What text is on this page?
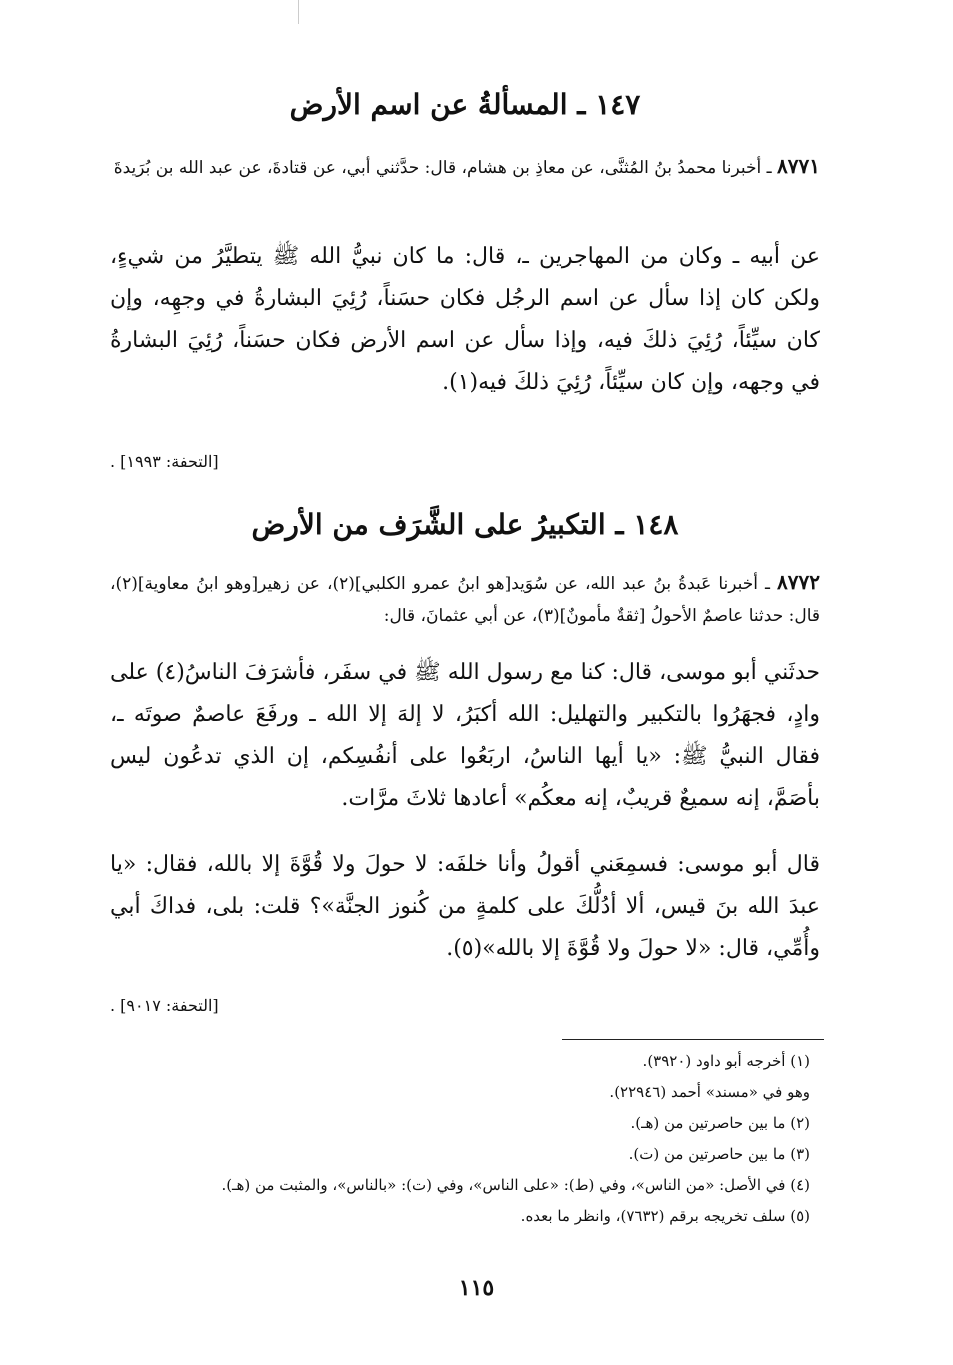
١٤٧ ـ المسألةُ عن اسم الأرض
٨٧٧١ ـ أخبرنا محمدُ بنُ المُثنَّى، عن معاذِ بن هشام، قال: حدَّثني أبي، عن قتادةَ، عن عبد الله بن بُرَيدةَ
عن أبيه ـ وكان من المهاجرين ـ، قال: ما كان نبيُّ الله ﷺ يتطيَّرُ من شيءٍ، ولكن كان إذا سأل عن اسم الرجُل فكان حسَناً، رُئِيَ البشارةُ في وجهِه، وإن كان سيِّئاً، رُئِيَ ذلكَ فيه، وإذا سأل عن اسم الأرض فكان حسَناً، رُئِيَ البشارةُ في وجهه، وإن كان سيِّئاً، رُئِيَ ذلكَ فيه(١).
[التحفة: ١٩٩٣] .
١٤٨ ـ التكبيرُ على الشَّرَف من الأرض
٨٧٧٢ ـ أخبرنا عَبدةُ بنُ عبد الله، عن سُوَيد[هو ابنُ عمرو الكلبي](٢)، عن زهير[وهو ابنُ معاوية](٢)، قال: حدثنا عاصمٌ الأحولُ [ثقةٌ مأمونٌ](٣)، عن أبي عثمانَ، قال:
حدثَني أبو موسى، قال: كنا مع رسول الله ﷺ في سفَر، فأشرَفَ الناسُ(٤) على وادٍ، فجهَرُوا بالتكبير والتهليل: الله أكبَرُ، لا إلهَ إلا الله ـ ورفَعَ عاصمٌ صوتَه ـ، فقال النبيُّ ﷺ: «يا أيها الناسُ، اربَعُوا على أنفُسِكم، إن الذي تدعُون ليس بأصَمَّ، إنه سميعٌ قريبٌ، إنه معكُم» أعادها ثلاثَ مرَّات.
قال أبو موسى: فسمِعَني أقولُ وأنا خلفَه: لا حولَ ولا قُوَّةَ إلا بالله، فقال: «يا عبدَ الله بنَ قيس، ألا أدُلُّكَ على كلمةٍ من كُنوز الجنَّة»؟ قلت: بلى، فداكَ أبي وأُمِّي، قال: «لا حولَ ولا قُوَّةَ إلا بالله»(٥).
[التحفة: ٩٠١٧] .
(١) أخرجه أبو داود (٣٩٢٠).
وهو في «مسند» أحمد (٢٢٩٤٦).
(٢) ما بين حاصرتين من (هـ).
(٣) ما بين حاصرتين من (ت).
(٤) في الأصل: «من الناس»، وفي (ط): «على الناس»، وفي (ت): «بالناس»، والمثبت من (هـ).
(٥) سلف تخريجه برقم (٧٦٣٢)، وانظر ما بعده.
١١٥
